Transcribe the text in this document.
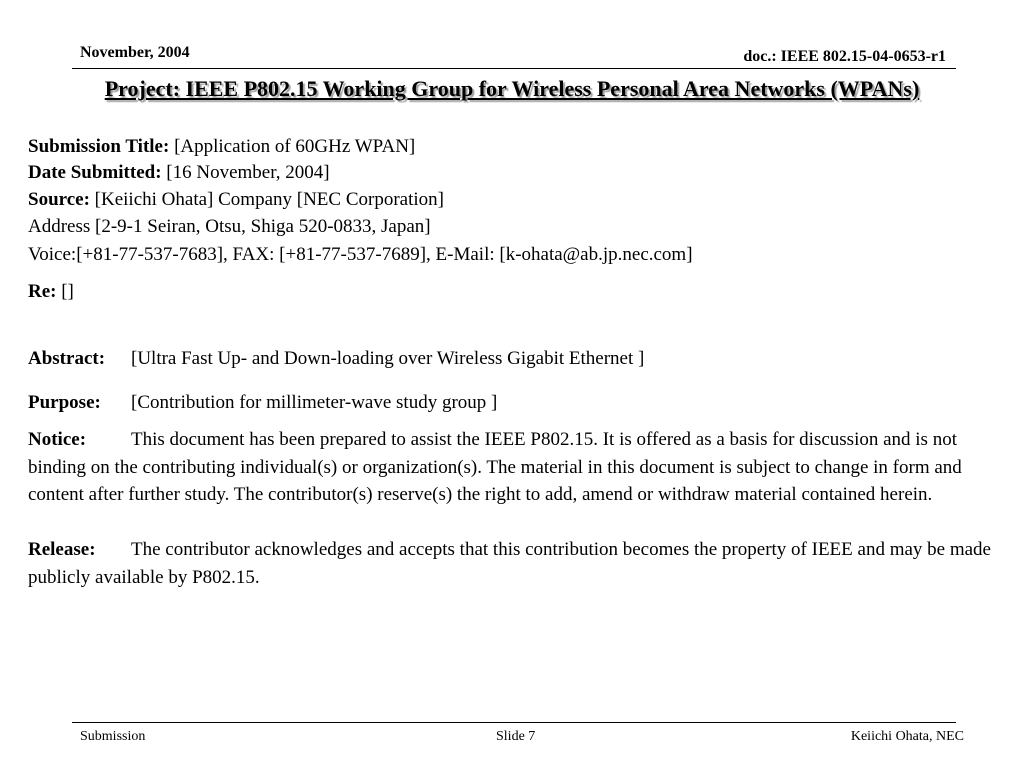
November, 2004	doc.: IEEE 802.15-04-0653-r1
Project: IEEE P802.15 Working Group for Wireless Personal Area Networks (WPANs)
Submission Title: [Application of 60GHz WPAN]
Date Submitted: [16 November, 2004]
Source: [Keiichi Ohata] Company [NEC Corporation]
Address [2-9-1 Seiran, Otsu, Shiga 520-0833, Japan]
Voice:[+81-77-537-7683], FAX: [+81-77-537-7689], E-Mail: [k-ohata@ab.jp.nec.com]
Re: []
Abstract: [Ultra Fast Up- and Down-loading over Wireless Gigabit Ethernet ]
Purpose: [Contribution for millimeter-wave study group ]
Notice: This document has been prepared to assist the IEEE P802.15. It is offered as a basis for discussion and is not binding on the contributing individual(s) or organization(s). The material in this document is subject to change in form and content after further study. The contributor(s) reserve(s) the right to add, amend or withdraw material contained herein.
Release: The contributor acknowledges and accepts that this contribution becomes the property of IEEE and may be made publicly available by P802.15.
Submission	Slide 7	Keiichi Ohata, NEC
